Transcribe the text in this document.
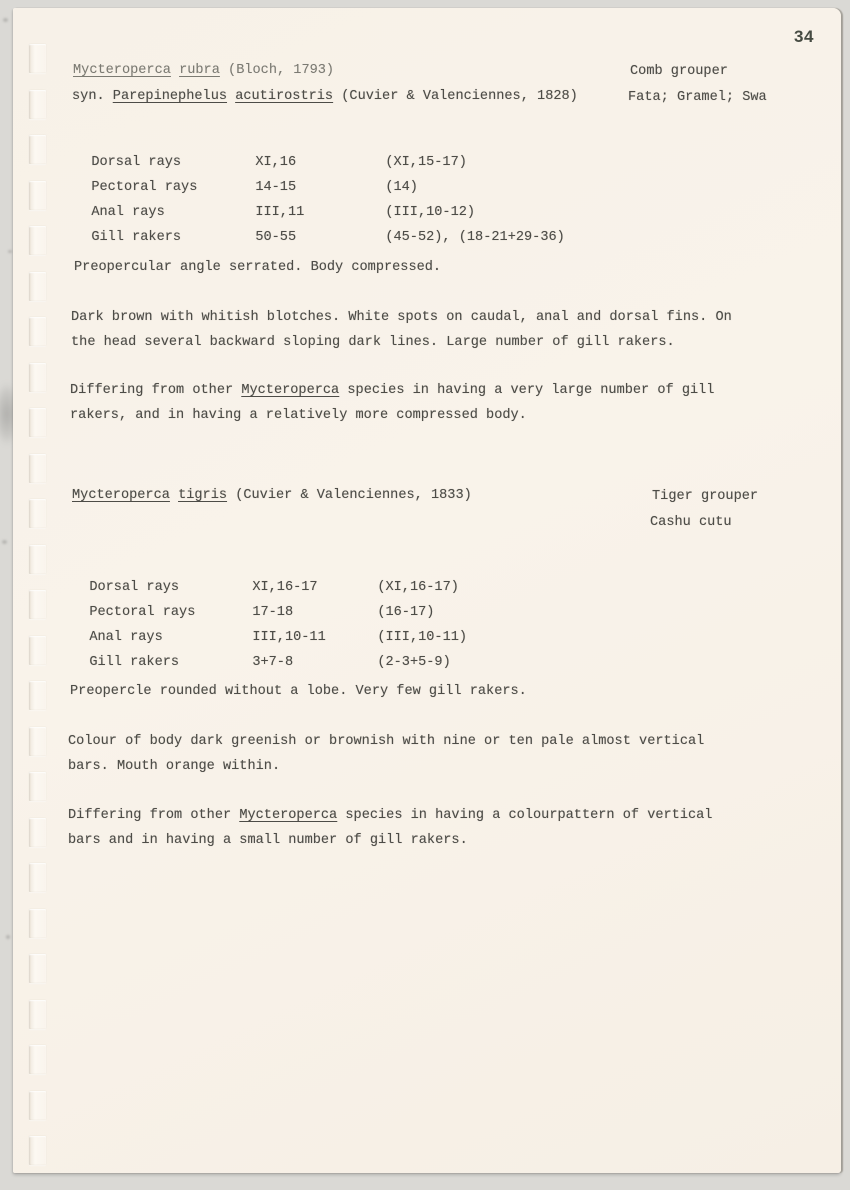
34
Mycteroperca rubra (Bloch, 1793)	Comb grouper
syn. Parepinephelus acutirostris (Cuvier & Valenciennes, 1828)	Fata; Gramel; Swa

Dorsal rays	XI,16	(XI,15-17)

Pectoral rays	14-15	(14)

Anal rays	III,11	(III,10-12)

Gill rakers	50-55	(45-52), (18-21+29-36)

Preopercular angle serrated. Body compressed.
Dark brown with whitish blotches. White spots on caudal, anal and dorsal fins. On
the head several backward sloping dark lines. Large number of gill rakers.
Differing from other Mycteroperca species in having a very large number of gill
rakers, and in having a relatively more compressed body.
Mycteroperca tigris (Cuvier & Valenciennes, 1833)	Tiger grouper
Cashu cutu

Dorsal rays	XI,16-17	(XI,16-17)

Pectoral rays	17-18	(16-17)

Anal rays	III,10-11	(III,10-11)

Gill rakers	3+7-8	(2-3+5-9)

Preopercle rounded without a lobe. Very few gill rakers.
Colour of body dark greenish or brownish with nine or ten pale almost vertical
bars. Mouth orange within.
Differing from other Mycteroperca species in having a colourpattern of vertical
bars and in having a small number of gill rakers.
